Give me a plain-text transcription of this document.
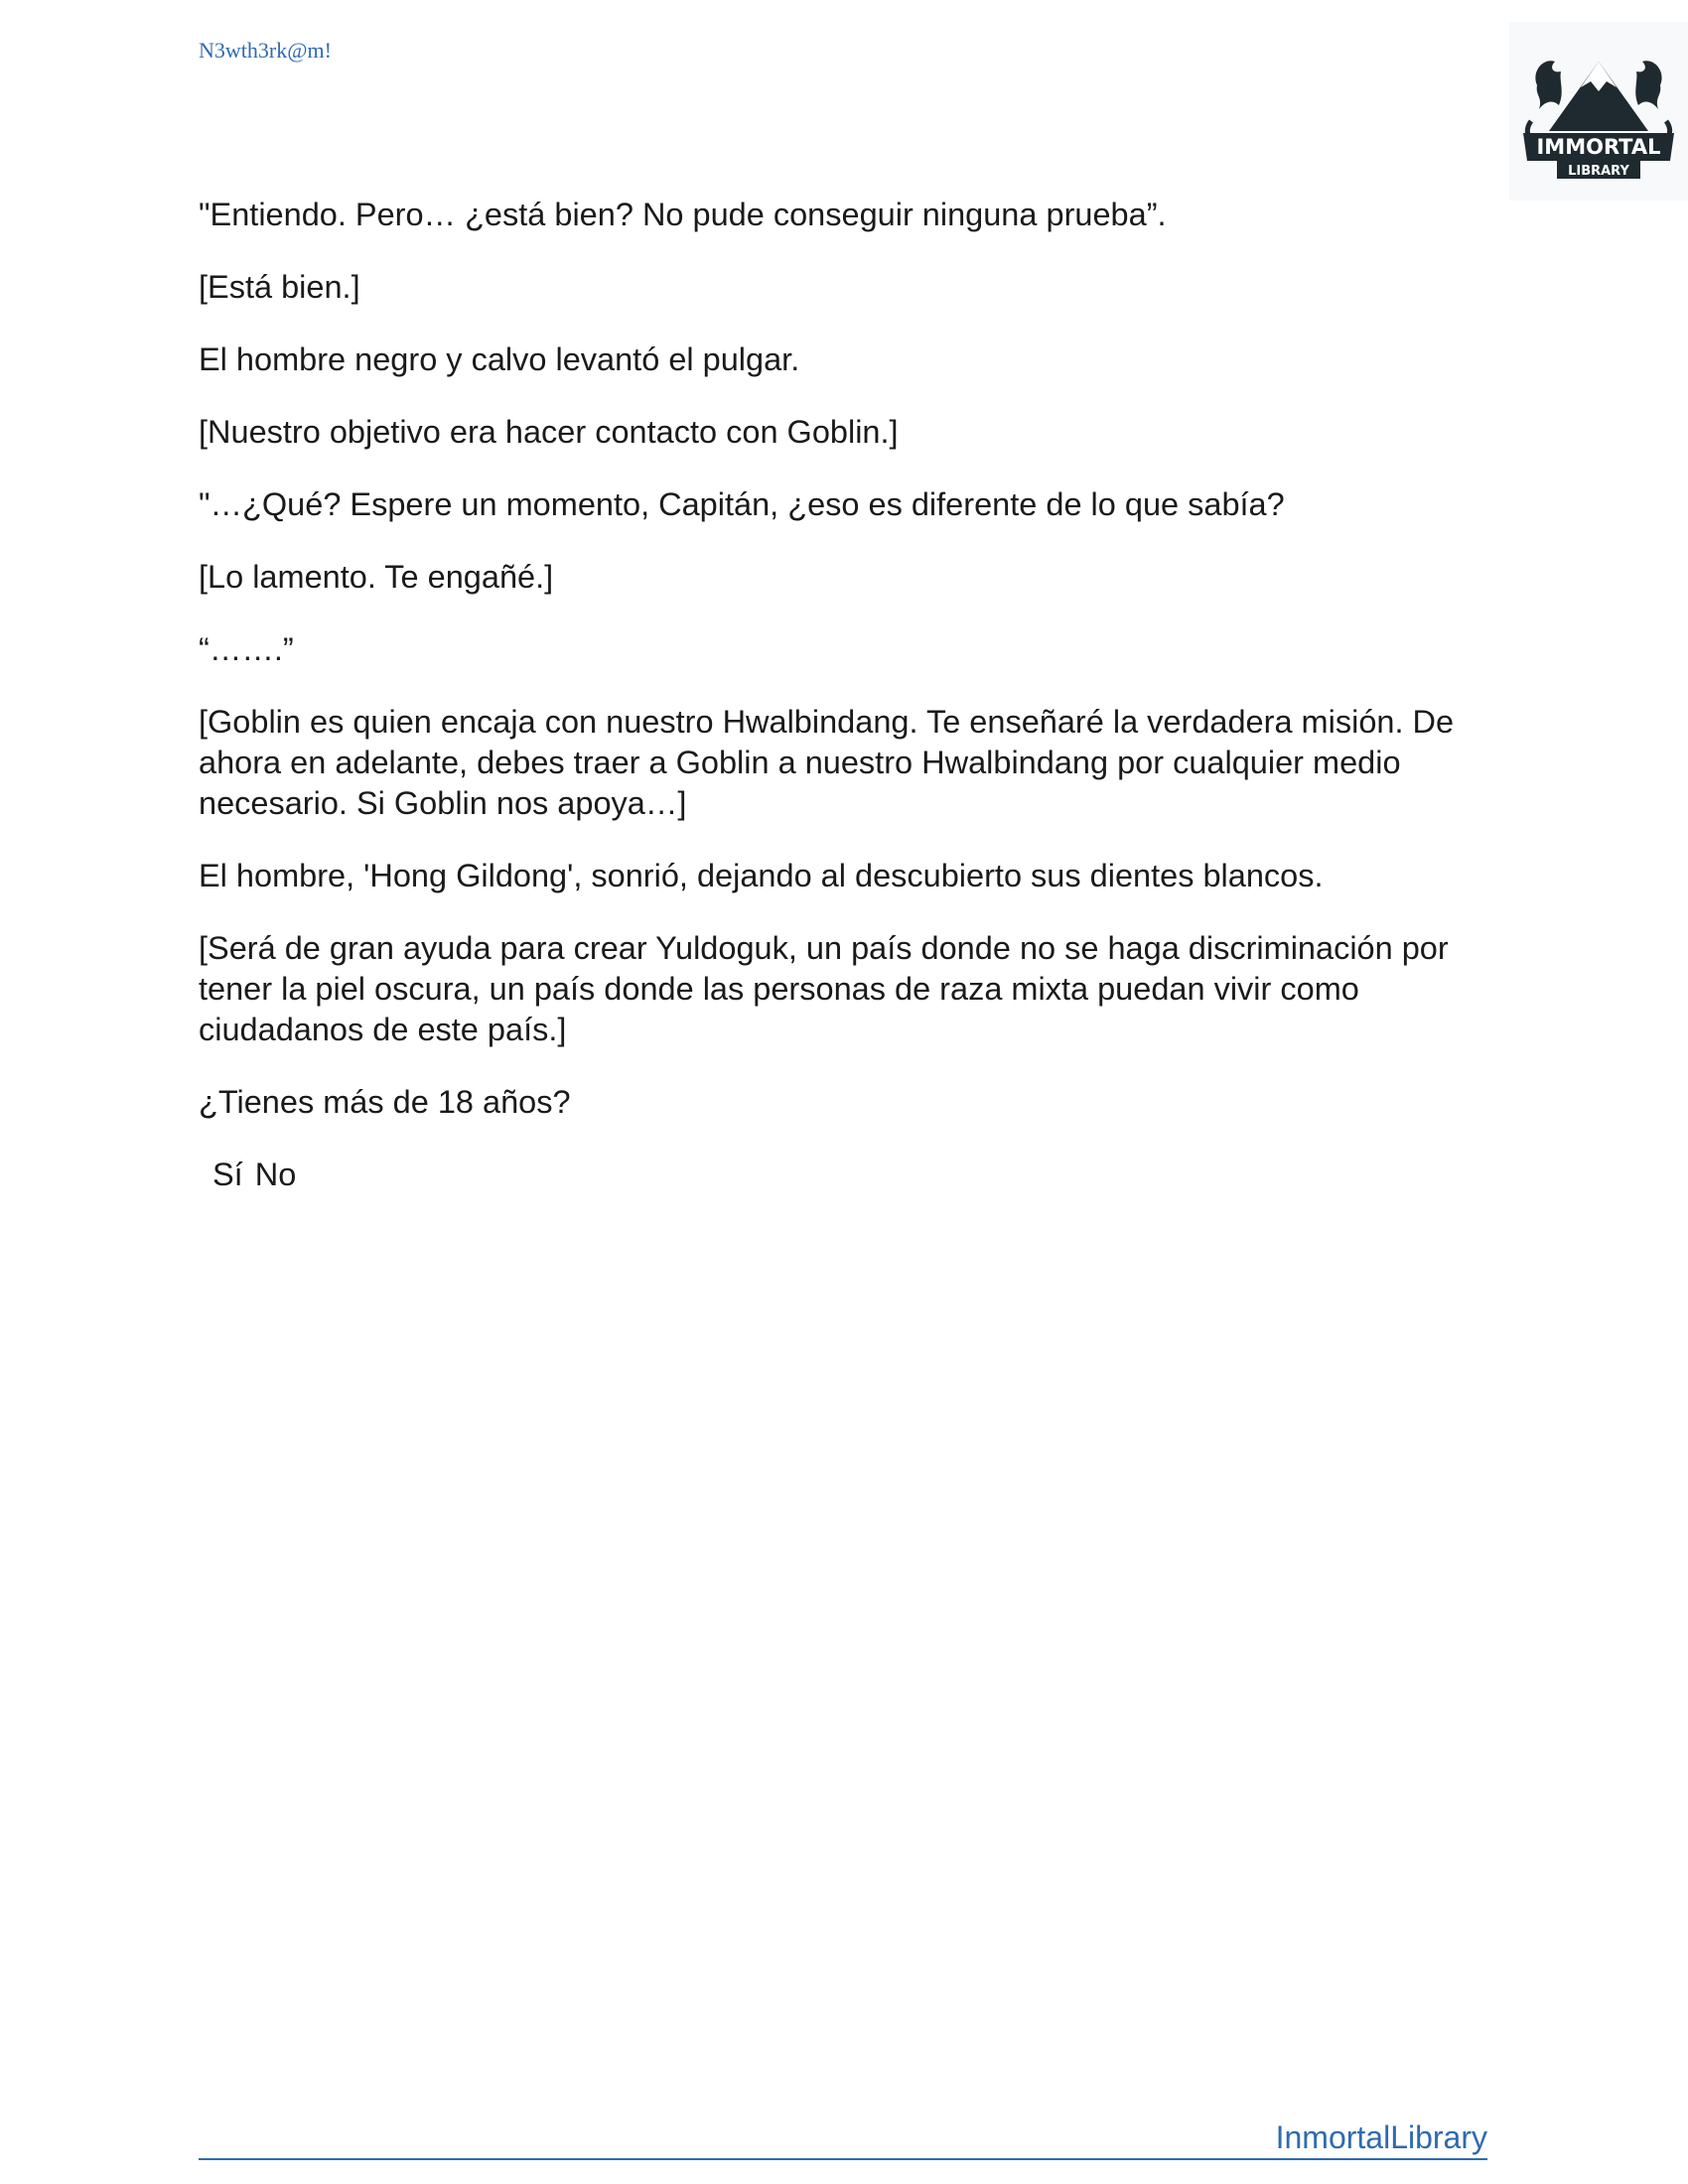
N3wth3rk@m!
IMMORTAL
LIBRARY

"Entiendo. Pero… ¿está bien? No pude conseguir ninguna prueba”.

[Está bien.]

El hombre negro y calvo levantó el pulgar.

[Nuestro objetivo era hacer contacto con Goblin.]

"…¿Qué? Espere un momento, Capitán, ¿eso es diferente de lo que sabía?

[Lo lamento. Te engañé.]

“…….”

[Goblin es quien encaja con nuestro Hwalbindang. Te enseñaré la verdadera misión. De ahora en adelante, debes traer a Goblin a nuestro Hwalbindang por cualquier medio necesario. Si Goblin nos apoya…]

El hombre, 'Hong Gildong', sonrió, dejando al descubierto sus dientes blancos.

[Será de gran ayuda para crear Yuldoguk, un país donde no se haga discriminación por tener la piel oscura, un país donde las personas de raza mixta puedan vivir como ciudadanos de este país.]

¿Tienes más de 18 años?

Sí No

InmortalLibrary
